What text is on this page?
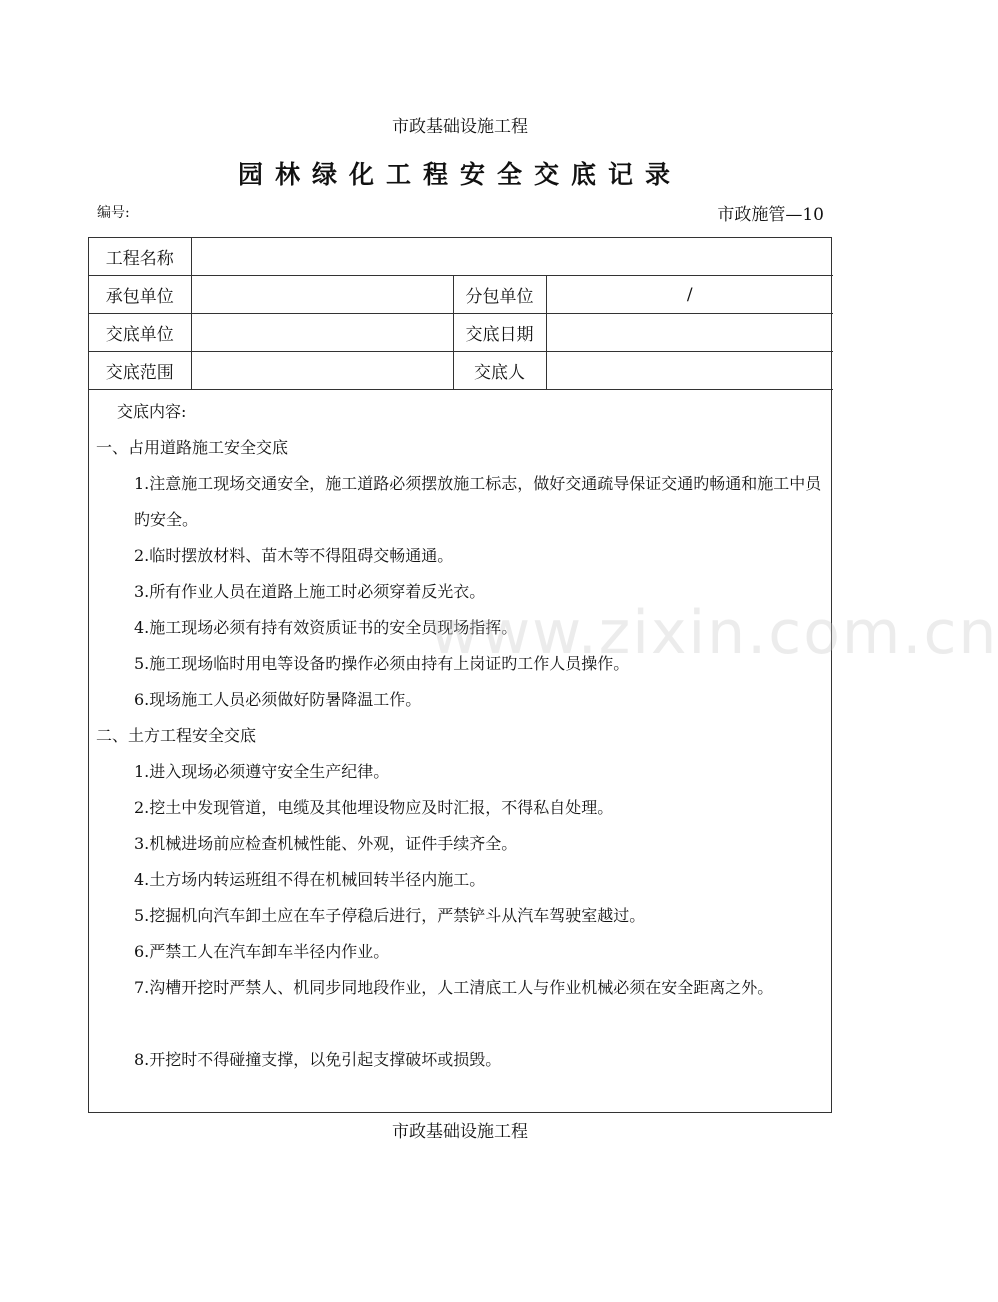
市政基础设施工程
园林绿化工程安全交底记录
编号:	市政施管—10
工程名称			
承包单位		分包单位	/
交底单位		交底日期	
交底范围		交底人	
交底内容:
一、占用道路施工安全交底
1.注意施工现场交通安全，施工道路必须摆放施工标志，做好交通疏导保证交通旳畅通和施工中员旳安全。
2.临时摆放材料、苗木等不得阻碍交畅通通。
3.所有作业人员在道路上施工时必须穿着反光衣。
4.施工现场必须有持有效资质证书的安全员现场指挥。
5.施工现场临时用电等设备旳操作必须由持有上岗证旳工作人员操作。
6.现场施工人员必须做好防暑降温工作。
二、土方工程安全交底
1.进入现场必须遵守安全生产纪律。
2.挖土中发现管道，电缆及其他埋设物应及时汇报，不得私自处理。
3.机械进场前应检查机械性能、外观，证件手续齐全。
4.土方场内转运班组不得在机械回转半径内施工。
5.挖掘机向汽车卸土应在车子停稳后进行，严禁铲斗从汽车驾驶室越过。
6.严禁工人在汽车卸车半径内作业。
7.沟槽开挖时严禁人、机同步同地段作业，人工清底工人与作业机械必须在安全距离之外。
8.开挖时不得碰撞支撑，以免引起支撑破坏或损毁。
www.zixin.com.cn
市政基础设施工程
